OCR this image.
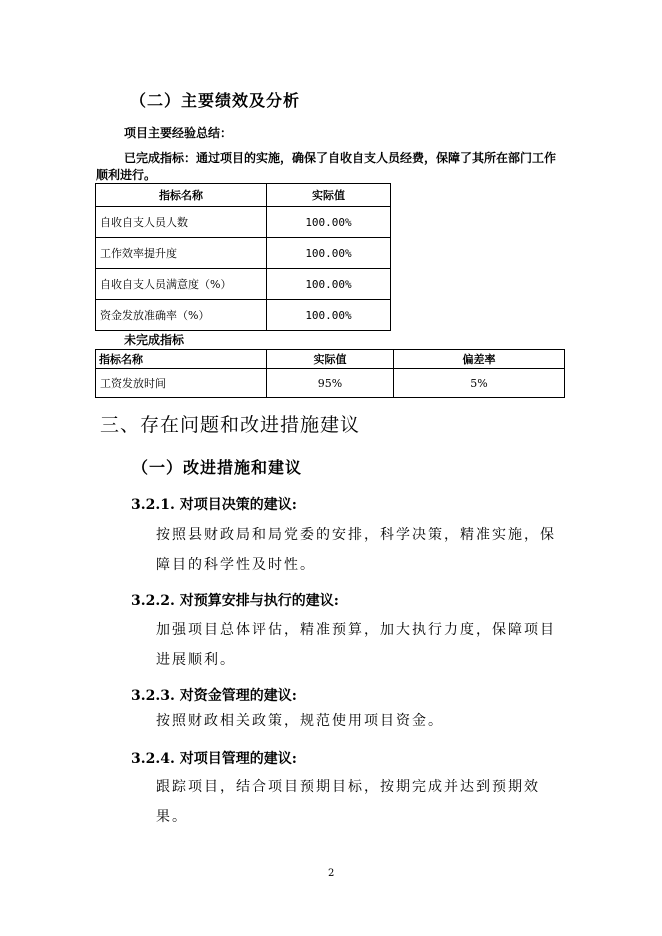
（二）主要绩效及分析
项目主要经验总结：
已完成指标：通过项目的实施，确保了自收自支人员经费，保障了其所在部门工作
顺利进行。
指标名称	实际值
自收自支人员人数	100.00%
工作效率提升度	100.00%
自收自支人员满意度（%）	100.00%
资金发放准确率（%）	100.00%
未完成指标
指标名称	实际值	偏差率
工资发放时间	95%	5%
三、存在问题和改进措施建议
（一）改进措施和建议
3.2.1. 对项目决策的建议:
按照县财政局和局党委的安排，科学决策，精准实施，保障目的科学性及时性。
3.2.2. 对预算安排与执行的建议:
加强项目总体评估，精准预算，加大执行力度，保障项目进展顺利。
3.2.3. 对资金管理的建议:
按照财政相关政策，规范使用项目资金。
3.2.4. 对项目管理的建议:
跟踪项目，结合项目预期目标，按期完成并达到预期效果。
2
